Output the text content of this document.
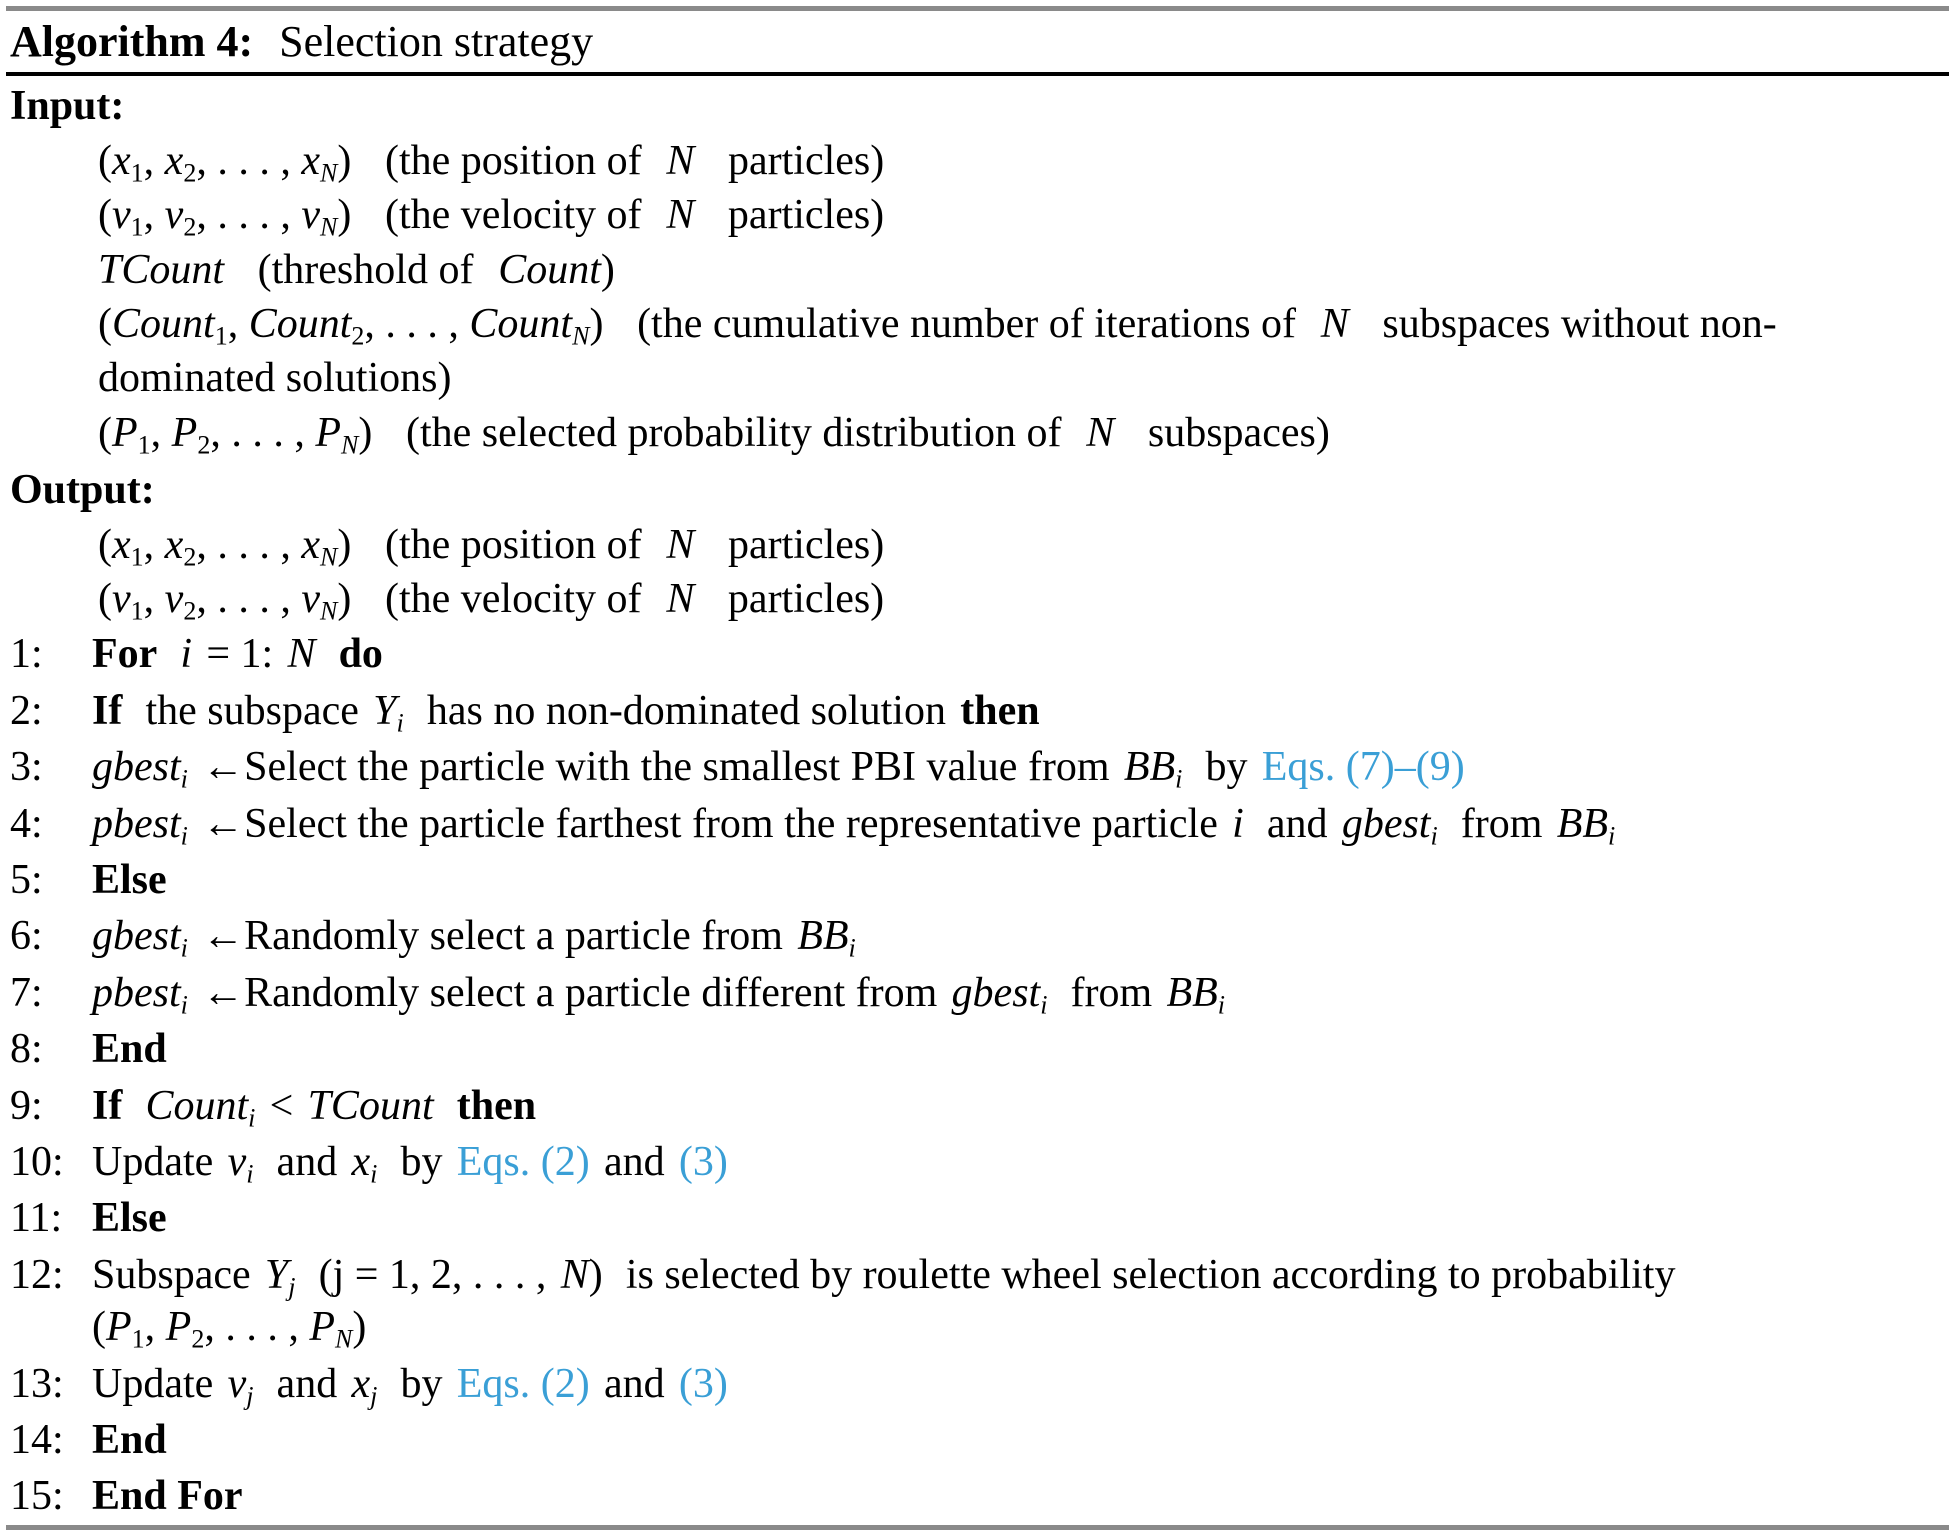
Algorithm 4: Selection strategy
Input:
($x_1$, $x_2$, . . . , $x_N$) (the position of N particles)
($v_1$, $v_2$, . . . , $v_N$) (the velocity of N particles)
TCount (threshold of Count)
(Count$_1$, Count$_2$, . . . , Count$_N$) (the cumulative number of iterations of N subspaces without non-
dominated solutions)
($P_1$, $P_2$, . . . , $P_N$) (the selected probability distribution of N subspaces)
Output:
($x_1$, $x_2$, . . . , $x_N$) (the position of N particles)
($v_1$, $v_2$, . . . , $v_N$) (the velocity of N particles)
1:	For i = 1: N do
2:	If the subspace $Y_i$ has no non-dominated solution then
3:	gbest$_i$ ←Select the particle with the smallest PBI value from $BB_i$ by Eqs. (7)–(9)
4:	pbest$_i$ ←Select the particle farthest from the representative particle i and gbest$_i$ from $BB_i$
5:	Else
6:	gbest$_i$ ←Randomly select a particle from $BB_i$
7:	pbest$_i$ ←Randomly select a particle different from gbest$_i$ from $BB_i$
8:	End
9:	If Count$_i$ < TCount then
10: Update $v_i$ and $x_i$ by Eqs. (2) and (3)
11: Else
12: Subspace $Y_j$ (j = 1, 2, . . . , N) is selected by roulette wheel selection according to probability
($P_1$, $P_2$, . . . , $P_N$)
13: Update $v_j$ and $x_j$ by Eqs. (2) and (3)
14: End
15: End For
